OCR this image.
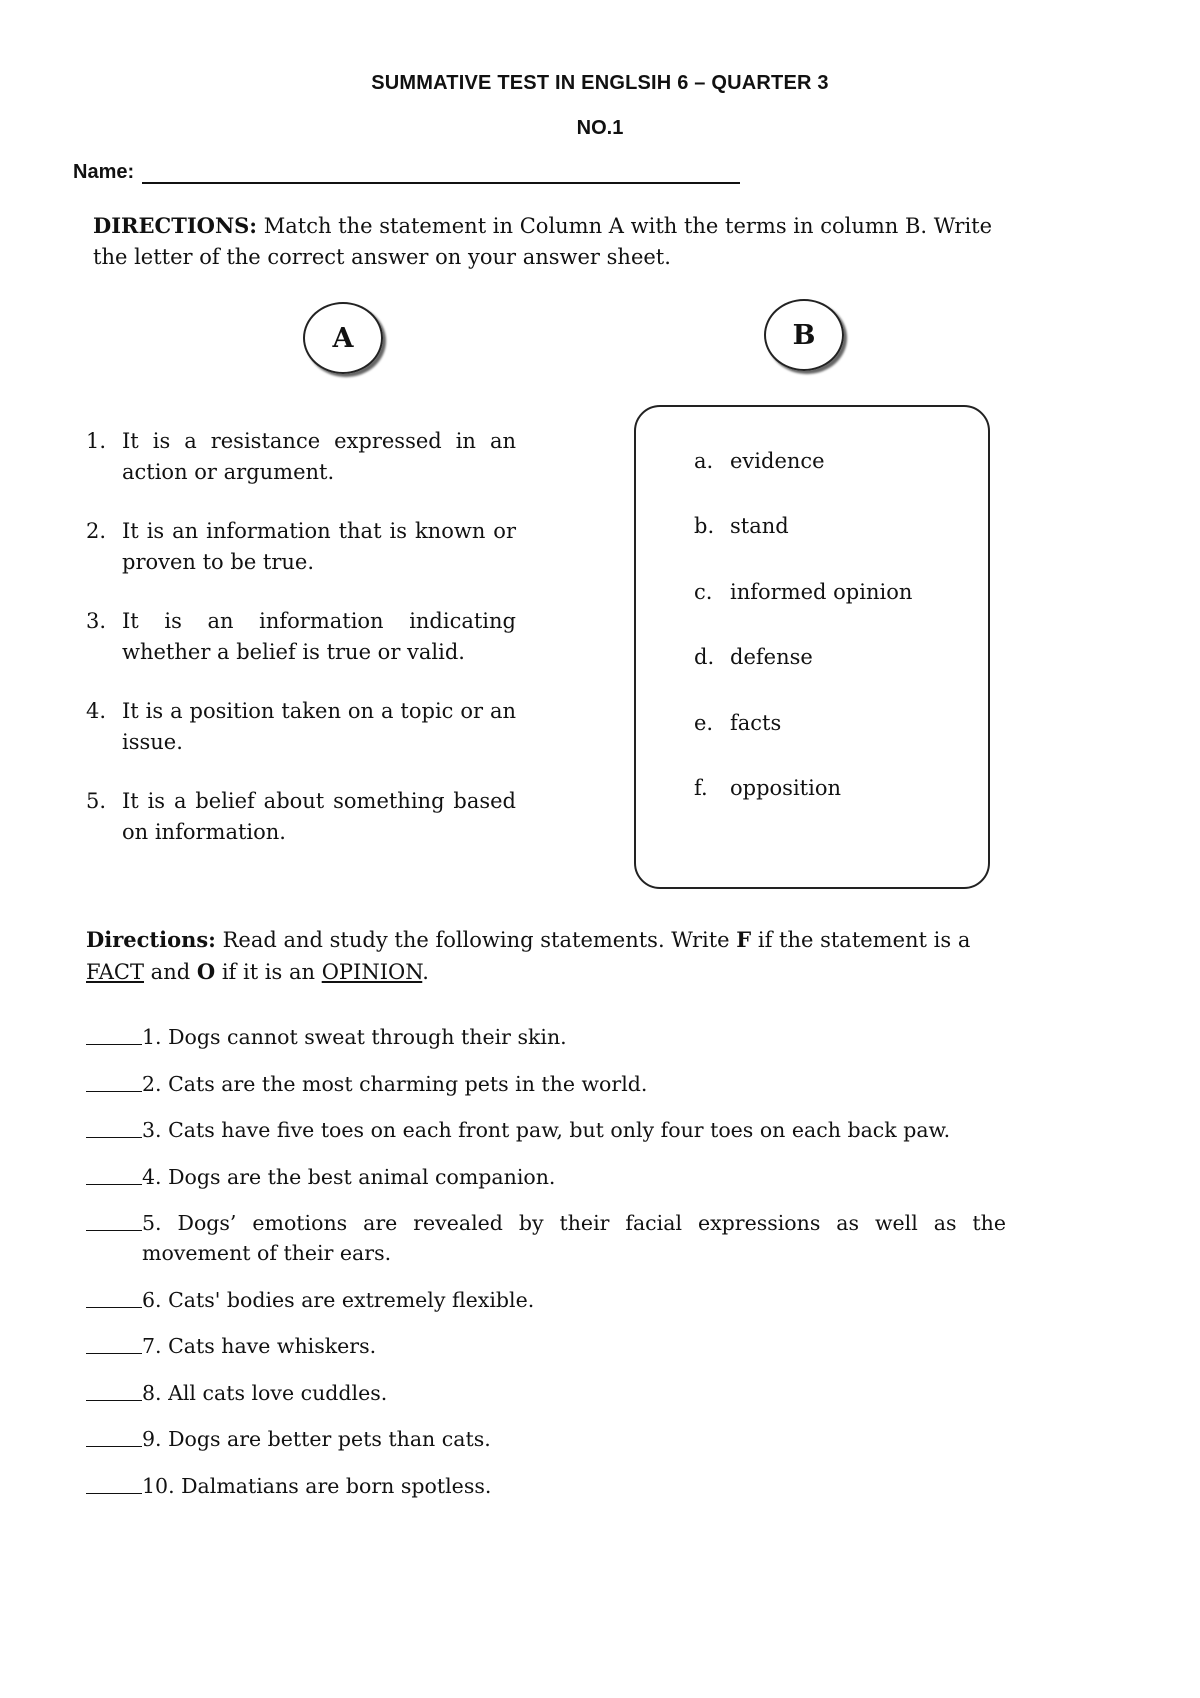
SUMMATIVE TEST IN ENGLSIH 6 – QUARTER 3
NO.1
Name:
DIRECTIONS: Match the statement in Column A with the terms in column B. Write the letter of the correct answer on your answer sheet.
A	B
1. It is a resistance expressed in an action or argument.
2. It is an information that is known or proven to be true.
3. It is an information indicating whether a belief is true or valid.
4. It is a position taken on a topic or an issue.
5. It is a belief about something based on information.
a. evidence
b. stand
c. informed opinion
d. defense
e. facts
f.	opposition
Directions: Read and study the following statements. Write F if the statement is a FACT and O if it is an OPINION.
1. Dogs cannot sweat through their skin.
2. Cats are the most charming pets in the world.
3. Cats have five toes on each front paw, but only four toes on each back paw.
4. Dogs are the best animal companion.
5. Dogs’ emotions are revealed by their facial expressions as well as the movement of their ears.
6. Cats' bodies are extremely flexible.
7. Cats have whiskers.
8. All cats love cuddles.
9. Dogs are better pets than cats.
10. Dalmatians are born spotless.
